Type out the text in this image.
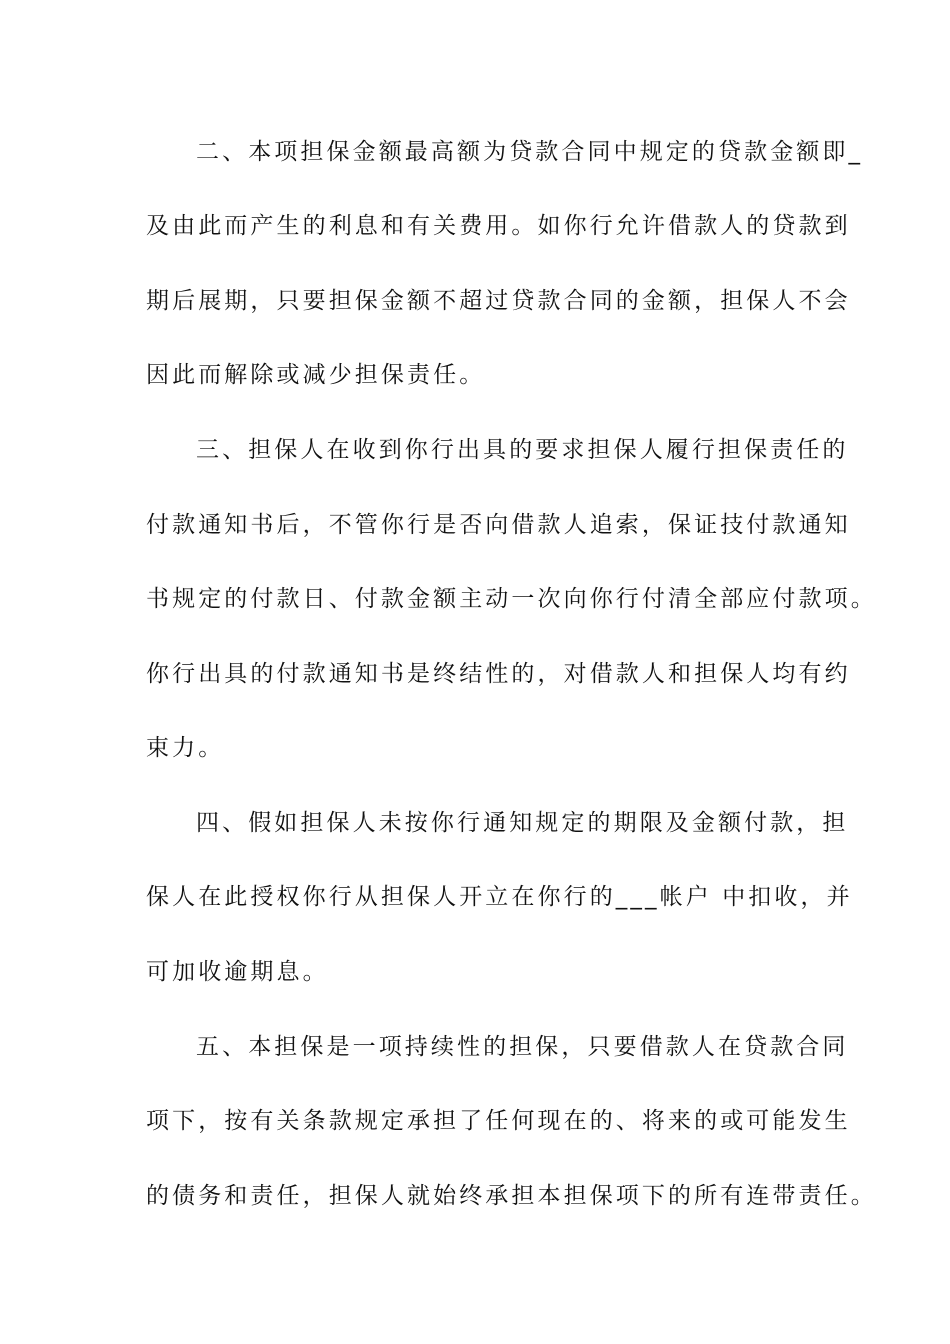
二、本项担保金额最高额为贷款合同中规定的贷款金额即_
及由此而产生的利息和有关费用。如你行允许借款人的贷款到
期后展期，只要担保金额不超过贷款合同的金额，担保人不会
因此而解除或减少担保责任。
三、担保人在收到你行出具的要求担保人履行担保责任的
付款通知书后，不管你行是否向借款人追索，保证技付款通知
书规定的付款日、付款金额主动一次向你行付清全部应付款项。
你行出具的付款通知书是终结性的，对借款人和担保人均有约
束力。
四、假如担保人未按你行通知规定的期限及金额付款，担
保人在此授权你行从担保人开立在你行的___帐户 中扣收，并
可加收逾期息。
五、本担保是一项持续性的担保，只要借款人在贷款合同
项下，按有关条款规定承担了任何现在的、将来的或可能发生
的债务和责任，担保人就始终承担本担保项下的所有连带责任。
